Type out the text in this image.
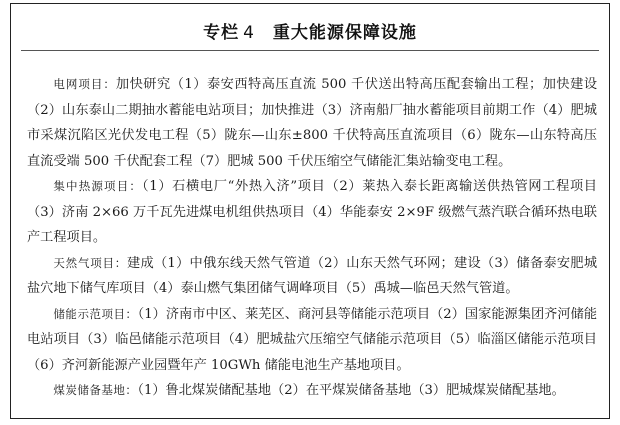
专栏 4 重大能源保障设施

电网项目：加快研究（1）泰安西特高压直流 500 千伏送出特高压配套输出工程；加快建设（2）山东泰山二期抽水蓄能电站项目；加快推进（3）济南船厂抽水蓄能项目前期工作（4）肥城市采煤沉陷区光伏发电工程（5）陇东—山东±800 千伏特高压直流项目（6）陇东—山东特高压直流受端 500 千伏配套工程（7）肥城 500 千伏压缩空气储能汇集站输变电工程。

集中热源项目：（1）石横电厂“外热入济”项目（2）莱热入泰长距离输送供热管网工程项目（3）济南 2×66 万千瓦先进煤电机组供热项目（4）华能泰安 2×9F 级燃气蒸汽联合循环热电联产工程项目。

天然气项目：建成（1）中俄东线天然气管道（2）山东天然气环网；建设（3）储备泰安肥城盐穴地下储气库项目（4）泰山燃气集团储气调峰项目（5）禹城—临邑天然气管道。

储能示范项目：（1）济南市中区、莱芜区、商河县等储能示范项目（2）国家能源集团齐河储能电站项目（3）临邑储能示范项目（4）肥城盐穴压缩空气储能示范项目（5）临淄区储能示范项目（6）齐河新能源产业园暨年产 10GWh 储能电池生产基地项目。

煤炭储备基地：（1）鲁北煤炭储配基地（2）在平煤炭储备基地（3）肥城煤炭储配基地。
